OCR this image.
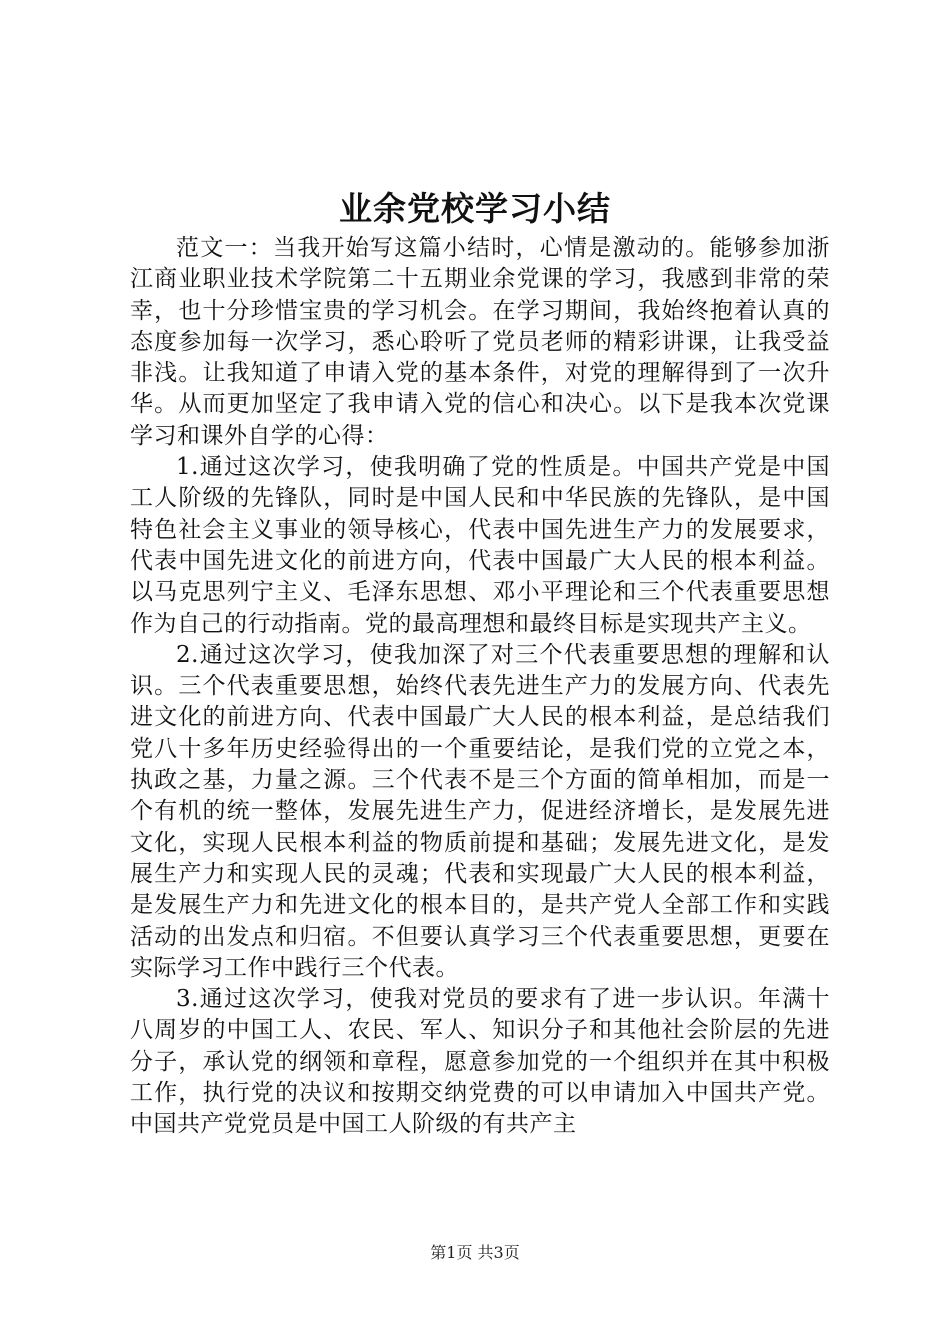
业余党校学习小结

范文一：当我开始写这篇小结时，心情是激动的。能够参加浙江商业职业技术学院第二十五期业余党课的学习，我感到非常的荣幸，也十分珍惜宝贵的学习机会。在学习期间，我始终抱着认真的态度参加每一次学习，悉心聆听了党员老师的精彩讲课，让我受益非浅。让我知道了申请入党的基本条件，对党的理解得到了一次升华。从而更加坚定了我申请入党的信心和决心。以下是我本次党课学习和课外自学的心得：

1.通过这次学习，使我明确了党的性质是。中国共产党是中国工人阶级的先锋队，同时是中国人民和中华民族的先锋队，是中国特色社会主义事业的领导核心，代表中国先进生产力的发展要求，代表中国先进文化的前进方向，代表中国最广大人民的根本利益。以马克思列宁主义、毛泽东思想、邓小平理论和三个代表重要思想作为自己的行动指南。党的最高理想和最终目标是实现共产主义。

2.通过这次学习，使我加深了对三个代表重要思想的理解和认识。三个代表重要思想，始终代表先进生产力的发展方向、代表先进文化的前进方向、代表中国最广大人民的根本利益，是总结我们党八十多年历史经验得出的一个重要结论，是我们党的立党之本，执政之基，力量之源。三个代表不是三个方面的简单相加，而是一个有机的统一整体，发展先进生产力，促进经济增长，是发展先进文化，实现人民根本利益的物质前提和基础；发展先进文化，是发展生产力和实现人民的灵魂；代表和实现最广大人民的根本利益，是发展生产力和先进文化的根本目的，是共产党人全部工作和实践活动的出发点和归宿。不但要认真学习三个代表重要思想，更要在实际学习工作中践行三个代表。

3.通过这次学习，使我对党员的要求有了进一步认识。年满十八周岁的中国工人、农民、军人、知识分子和其他社会阶层的先进分子，承认党的纲领和章程，愿意参加党的一个组织并在其中积极工作，执行党的决议和按期交纳党费的可以申请加入中国共产党。中国共产党党员是中国工人阶级的有共产主

第1页 共3页
